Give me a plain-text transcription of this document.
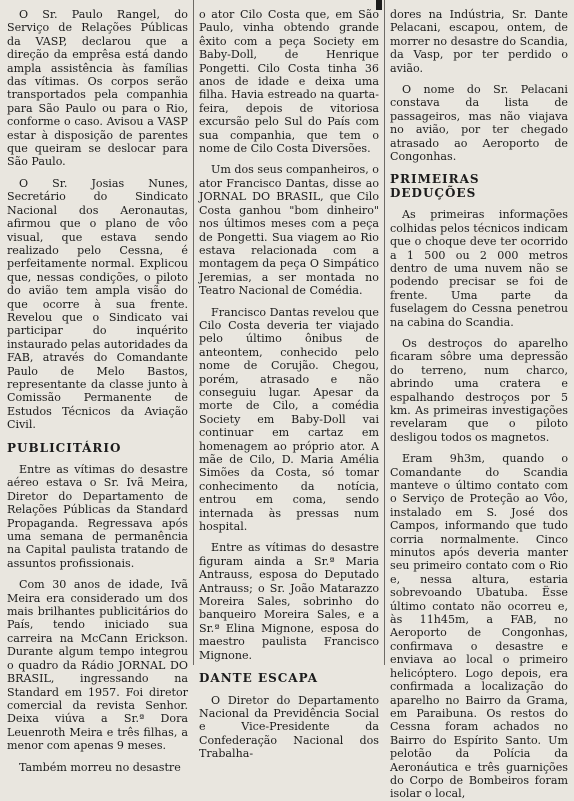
O Sr. Paulo Rangel, do Serviço de Relações Públicas da VASP, declarou que a direção da emprêsa está dando ampla assistência às famílias das vítimas. Os corpos serão transportados pela companhia para São Paulo ou para o Rio, conforme o caso. Avisou a VASP estar à disposição de parentes que queiram se deslocar para São Paulo.

O Sr. Josias Nunes, Secretário do Sindicato Nacional dos Aeronautas, afirmou que o plano de vôo visual, que estava sendo realizado pelo Cessna, é perfeitamente normal. Explicou que, nessas condições, o piloto do avião tem ampla visão do que ocorre à sua frente. Revelou que o Sindicato vai participar do inquérito instaurado pelas autoridades da FAB, através do Comandante Paulo de Melo Bastos, representante da classe junto à Comissão Permanente de Estudos Técnicos da Aviação Civil.

PUBLICITÁRIO

Entre as vítimas do desastre aéreo estava o Sr. Ivã Meira, Diretor do Departamento de Relações Públicas da Standard Propaganda. Regressava após uma semana de permanência na Capital paulista tratando de assuntos profissionais.

Com 30 anos de idade, Ivã Meira era considerado um dos mais brilhantes publicitários do País, tendo iniciado sua carreira na McCann Erickson. Durante algum tempo integrou o quadro da Rádio JORNAL DO BRASIL, ingressando na Standard em 1957. Foi diretor comercial da revista Senhor. Deixa viúva a Sr.ª Dora Leuenroth Meira e três filhas, a menor com apenas 9 meses.

Também morreu no desastre

o ator Cilo Costa que, em São Paulo, vinha obtendo grande êxito com a peça Society em Baby-Doll, de Henrique Pongetti. Cilo Costa tinha 36 anos de idade e deixa uma filha. Havia estreado na quarta-feira, depois de vitoriosa excursão pelo Sul do País com sua companhia, que tem o nome de Cilo Costa Diversões.

Um dos seus companheiros, o ator Francisco Dantas, disse ao JORNAL DO BRASIL, que Cilo Costa ganhou "bom dinheiro" nos últimos meses com a peça de Pongetti. Sua viagem ao Rio estava relacionada com a montagem da peça O Simpático Jeremias, a ser montada no Teatro Nacional de Comédia.

Francisco Dantas revelou que Cilo Costa deveria ter viajado pelo último ônibus de anteontem, conhecido pelo nome de Corujão. Chegou, porém, atrasado e não conseguiu lugar. Apesar da morte de Cilo, a comédia Society em Baby-Doll vai continuar em cartaz em homenagem ao próprio ator. A mãe de Cilo, D. Maria Amélia Simões da Costa, só tomar conhecimento da notícia, entrou em coma, sendo internada às pressas num hospital.

Entre as vítimas do desastre figuram ainda a Sr.ª Maria Antrauss, esposa do Deputado Antrauss; o Sr. João Matarazzo Moreira Sales, sobrinho do banqueiro Moreira Sales, e a Sr.ª Elina Mignone, esposa do maestro paulista Francisco Mignone.

DANTE ESCAPA

O Diretor do Departamento Nacional da Previdência Social e Vice-Presidente da Confederação Nacional dos Trabalha-

dores na Indústria, Sr. Dante Pelacani, escapou, ontem, de morrer no desastre do Scandia, da Vasp, por ter perdido o avião.

O nome do Sr. Pelacani constava da lista de passageiros, mas não viajava no avião, por ter chegado atrasado ao Aeroporto de Congonhas.

PRIMEIRAS DEDUÇÕES

As primeiras informações colhidas pelos técnicos indicam que o choque deve ter ocorrido a 1 500 ou 2 000 metros dentro de uma nuvem não se podendo precisar se foi de frente. Uma parte da fuselagem do Cessna penetrou na cabina do Scandia.

Os destroços do aparelho ficaram sôbre uma depressão do terreno, num charco, abrindo uma cratera e espalhando destroços por 5 km. As primeiras investigações revelaram que o piloto desligou todos os magnetos.

Eram 9h3m, quando o Comandante do Scandia manteve o último contato com o Serviço de Proteção ao Vôo, instalado em S. José dos Campos, informando que tudo corria normalmente. Cinco minutos após deveria manter seu primeiro contato com o Rio e, nessa altura, estaria sobrevoando Ubatuba. Ësse último contato não ocorreu e, às 11h45m, a FAB, no Aeroporto de Congonhas, confirmava o desastre e enviava ao local o primeiro helicóptero. Logo depois, era confirmada a localização do aparelho no Bairro da Grama, em Paraibuna. Os restos do Cessna foram achados no Bairro do Espírito Santo. Um pelotão da Polícia da Aeronáutica e três guarnições do Corpo de Bombeiros foram isolar o local,
